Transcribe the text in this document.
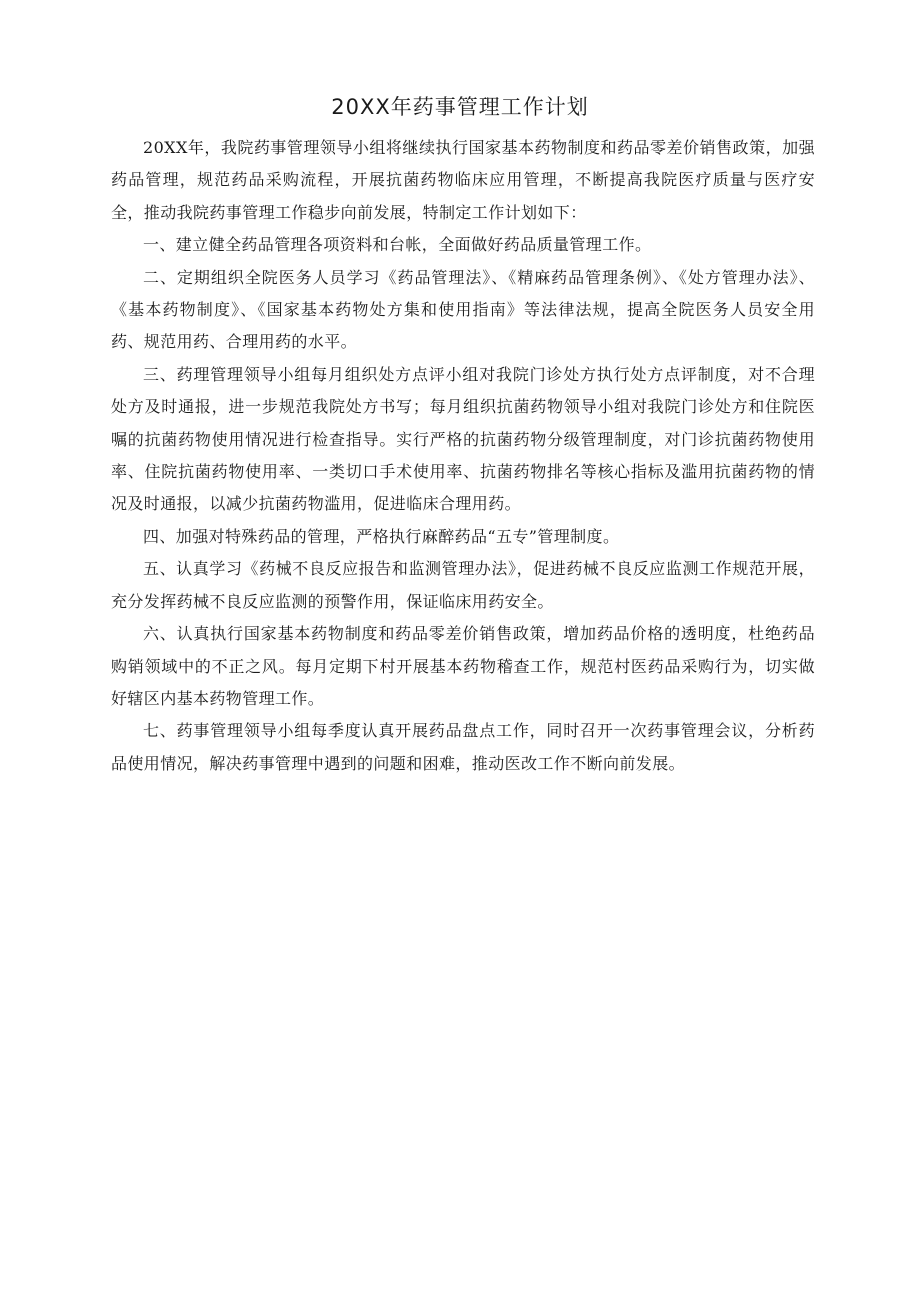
20XX年药事管理工作计划

20XX年，我院药事管理领导小组将继续执行国家基本药物制度和药品零差价销售政策，加强药品管理，规范药品采购流程，开展抗菌药物临床应用管理，不断提高我院医疗质量与医疗安全，推动我院药事管理工作稳步向前发展，特制定工作计划如下：

一、建立健全药品管理各项资料和台帐，全面做好药品质量管理工作。

二、定期组织全院医务人员学习《药品管理法》、《精麻药品管理条例》、《处方管理办法》、《基本药物制度》、《国家基本药物处方集和使用指南》等法律法规，提高全院医务人员安全用药、规范用药、合理用药的水平。

三、药理管理领导小组每月组织处方点评小组对我院门诊处方执行处方点评制度，对不合理处方及时通报，进一步规范我院处方书写；每月组织抗菌药物领导小组对我院门诊处方和住院医嘱的抗菌药物使用情况进行检查指导。实行严格的抗菌药物分级管理制度，对门诊抗菌药物使用率、住院抗菌药物使用率、一类切口手术使用率、抗菌药物排名等核心指标及滥用抗菌药物的情况及时通报，以减少抗菌药物滥用，促进临床合理用药。

四、加强对特殊药品的管理，严格执行麻醉药品“五专”管理制度。

五、认真学习《药械不良反应报告和监测管理办法》，促进药械不良反应监测工作规范开展，充分发挥药械不良反应监测的预警作用，保证临床用药安全。

六、认真执行国家基本药物制度和药品零差价销售政策，增加药品价格的透明度，杜绝药品购销领域中的不正之风。每月定期下村开展基本药物稽查工作，规范村医药品采购行为，切实做好辖区内基本药物管理工作。

七、药事管理领导小组每季度认真开展药品盘点工作，同时召开一次药事管理会议，分析药品使用情况，解决药事管理中遇到的问题和困难，推动医改工作不断向前发展。
